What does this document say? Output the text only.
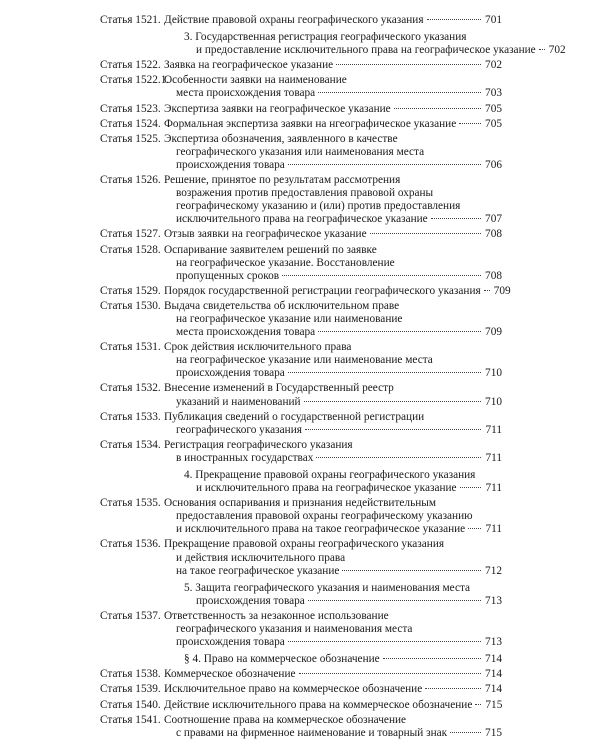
Статья 1521. Действие правовой охраны географического указания	701
3. Государственная регистрация географического указания
и предоставление исключительного права на географическое указание 702
Статья 1522. Заявка на географическое указание	702
Статья 1522.1.
Особенности заявки на наименование
места происхождения товара	703
Статья 1523. Экспертиза заявки на географическое указание	705
Статья 1524. Формальная экспертиза заявки на нгеографическое указание	705
Статья 1525. Экспертиза обозначения, заявленного в качестве
географического указания или наименования места
происхождения товара	706
Статья 1526. Решение, принятое по результатам рассмотрения
возражения против предоставления правовой охраны
географическому указанию и (или) против предоставления
исключительного права на географическое указание	707
Статья 1527. Отзыв заявки на географическое указание	708
Статья 1528. Оспаривание заявителем решений по заявке
на географическое указание. Восстановление
пропущенных сроков	708
Статья 1529. Порядок государственной регистрации географического указания 709
Статья 1530. Выдача свидетельства об исключительном праве
на географическое указание или наименование
места происхождения товара	709
Статья 1531. Срок действия исключительного права
на географическое указание или наименование места
происхождения товара	710
Статья 1532. Внесение изменений в Государственный реестр
указаний и наименований	710
Статья 1533. Публикация сведений о государственной регистрации
географического указания	711
Статья 1534. Регистрация географического указания
в иностранных государствах	711
4. Прекращение правовой охраны географического указания
и исключительного права на географическое указание	711
Статья 1535. Основания оспаривания и признания недействительным
предоставления правовой охраны географическому указанию
и исключительного права на такое географическое указание 711
Статья 1536. Прекращение правовой охраны географического указания
и действия исключительного права
на такое географическое указание	712
5. Защита географического указания и наименования места
происхождения товара	713
Статья 1537. Ответственность за незаконное использование
географического указания и наименования места
происхождения товара	713
§ 4. Право на коммерческое обозначение	714
Статья 1538. Коммерческое обозначение	714
Статья 1539. Исключительное право на коммерческое обозначение	714
Статья 1540. Действие исключительного права на коммерческое обозначение 715
Статья 1541. Соотношение права на коммерческое обозначение
с правами на фирменное наименование и товарный знак	715
